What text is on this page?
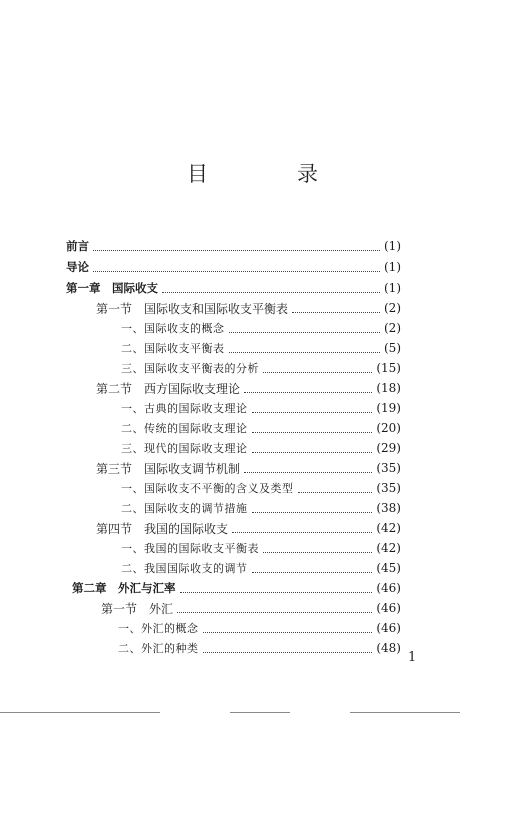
目　录
前言	(1)
导论	(1)
第一章　国际收支	(1)
第一节　国际收支和国际收支平衡表	(2)
一、国际收支的概念	(2)
二、国际收支平衡表	(5)
三、国际收支平衡表的分析	(15)
第二节　西方国际收支理论	(18)
一、古典的国际收支理论	(19)
二、传统的国际收支理论	(20)
三、现代的国际收支理论	(29)
第三节　国际收支调节机制	(35)
一、国际收支不平衡的含义及类型	(35)
二、国际收支的调节措施	(38)
第四节　我国的国际收支	(42)
一、我国的国际收支平衡表	(42)
二、我国国际收支的调节	(45)
第二章　外汇与汇率	(46)
第一节　外汇	(46)
一、外汇的概念	(46)
二、外汇的种类	(48)
1
